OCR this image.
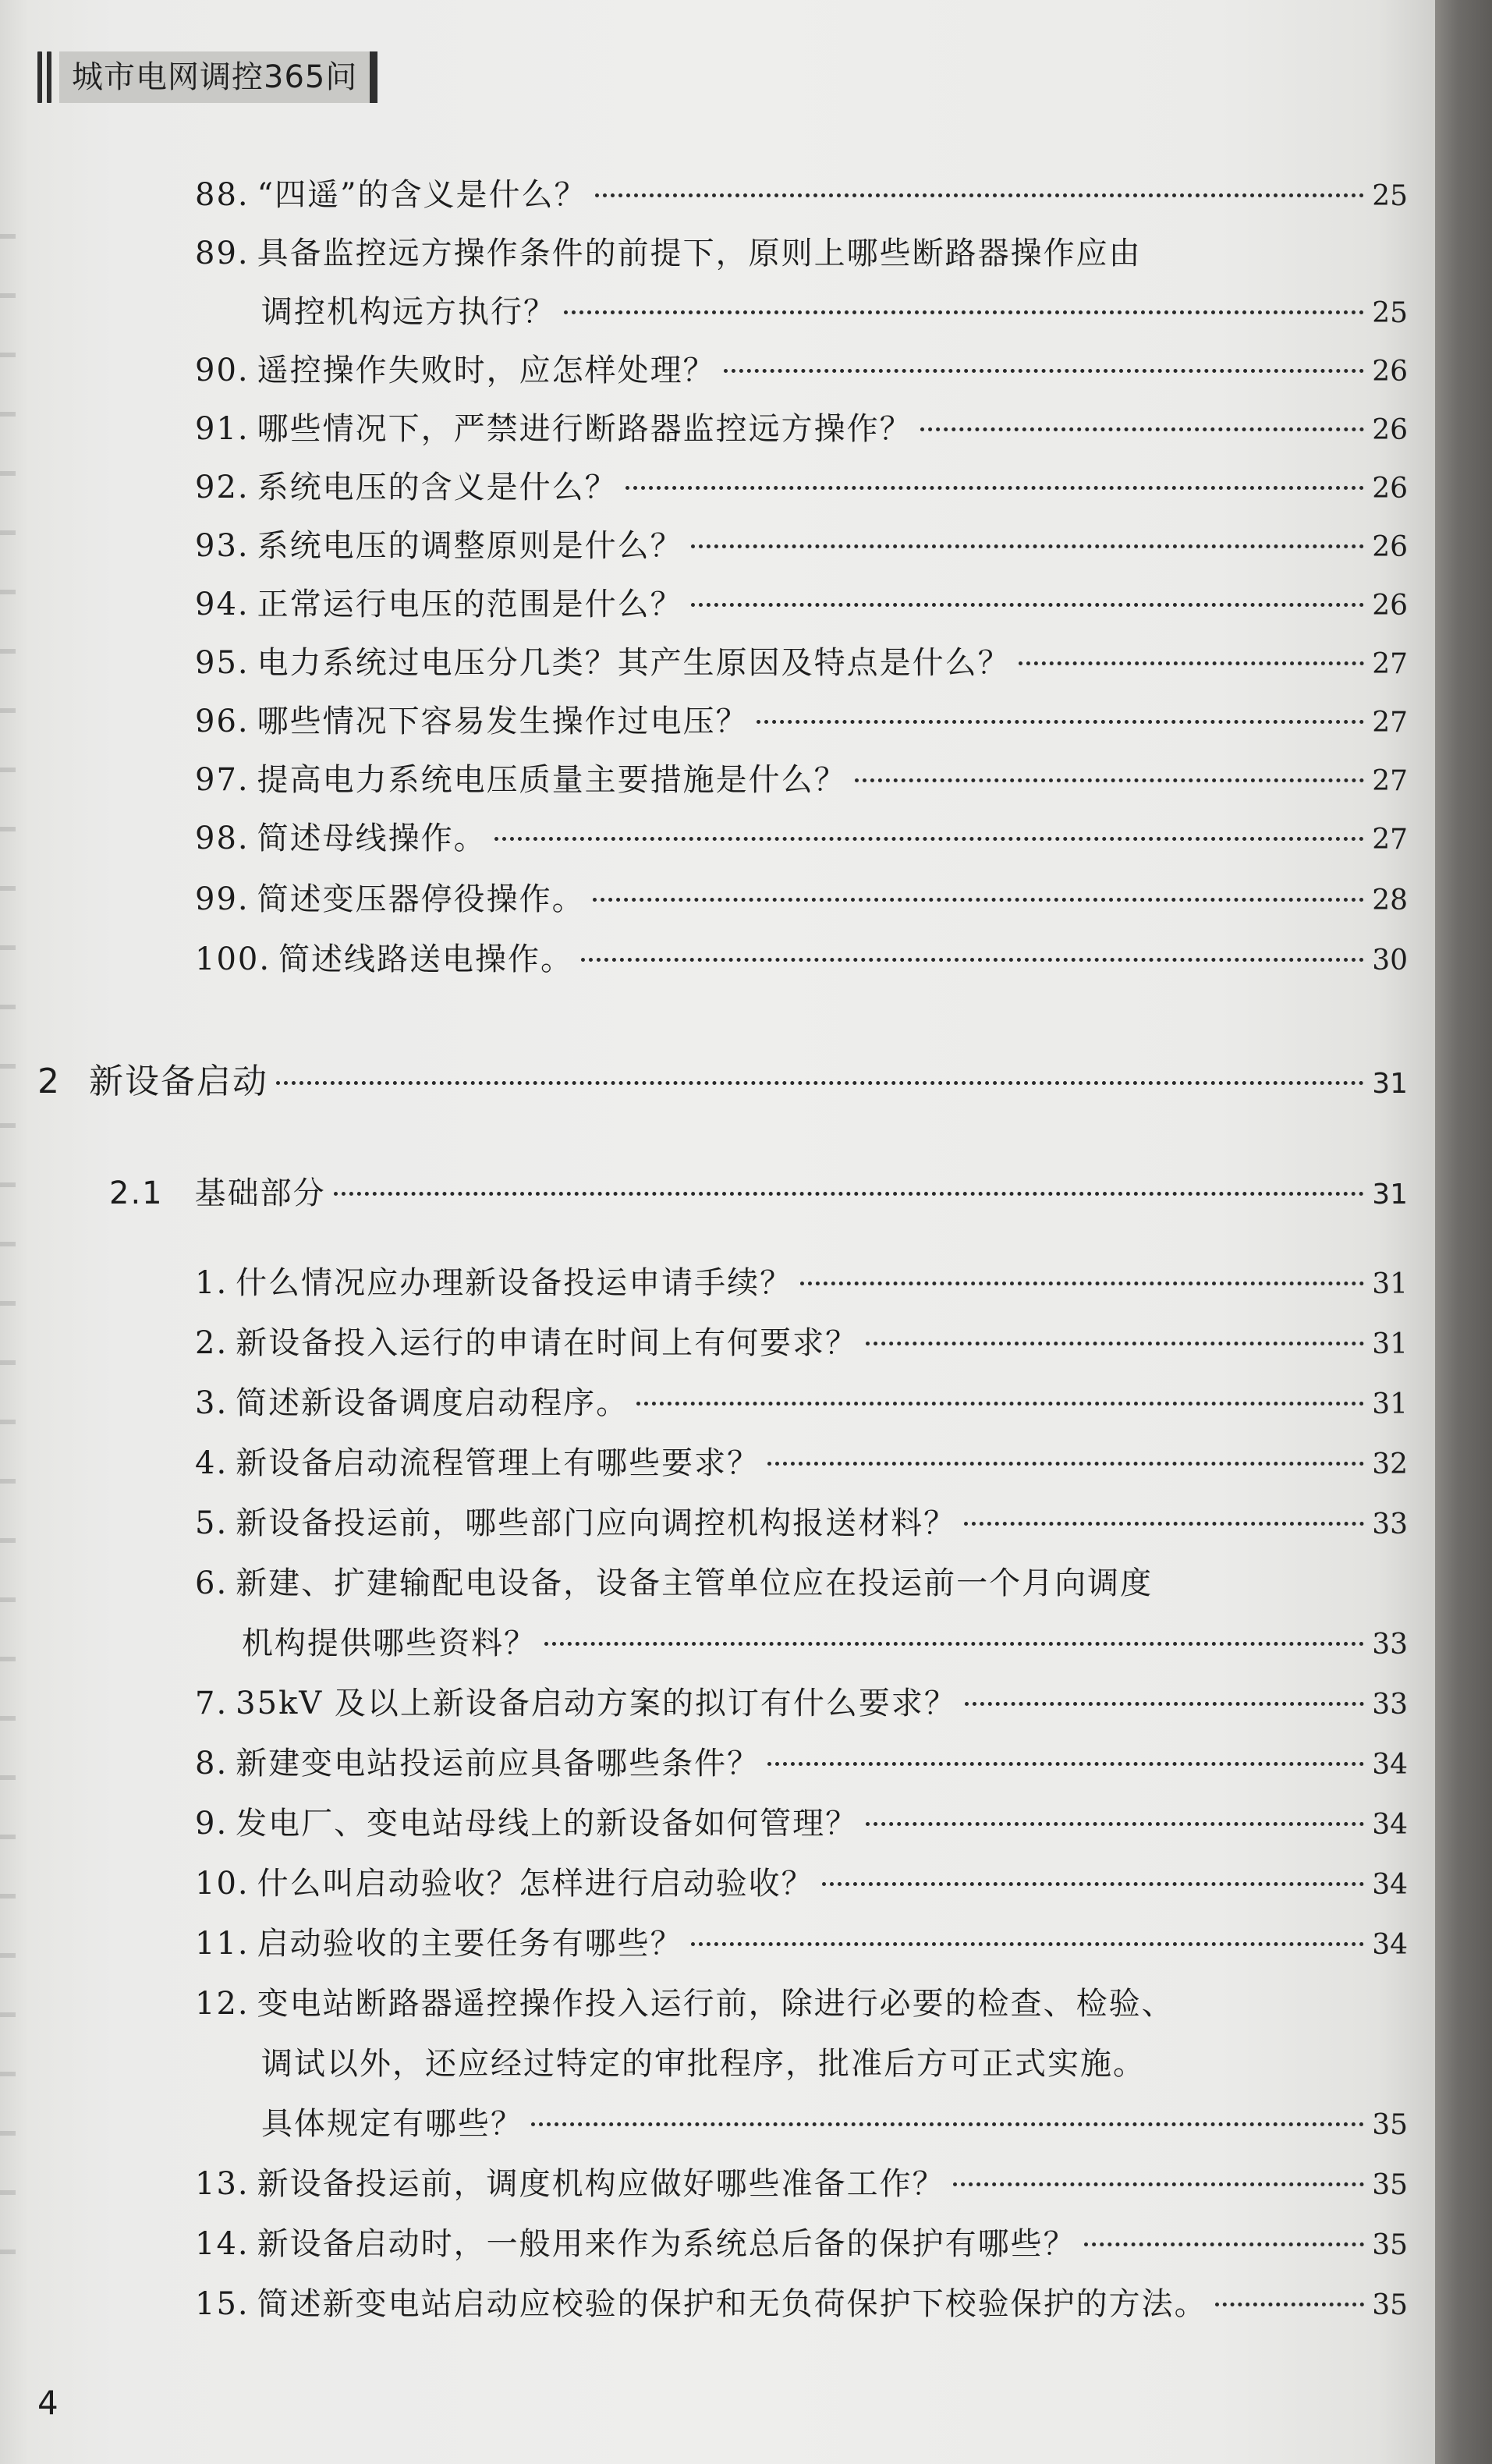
城市电网调控365问
88. “四遥”的含义是什么？	25
89. 具备监控远方操作条件的前提下，原则上哪些断路器操作应由
调控机构远方执行？	25
90. 遥控操作失败时，应怎样处理？	26
91. 哪些情况下，严禁进行断路器监控远方操作？	26
92. 系统电压的含义是什么？	26
93. 系统电压的调整原则是什么？	26
94. 正常运行电压的范围是什么？	26
95. 电力系统过电压分几类？其产生原因及特点是什么？	27
96. 哪些情况下容易发生操作过电压？	27
97. 提高电力系统电压质量主要措施是什么？	27
98. 简述母线操作。	27
99. 简述变压器停役操作。	28
100. 简述线路送电操作。	30
2 新设备启动	31
2.1	基础部分	31
1. 什么情况应办理新设备投运申请手续？	31
2. 新设备投入运行的申请在时间上有何要求？	31
3. 简述新设备调度启动程序。	31
4. 新设备启动流程管理上有哪些要求？	32
5. 新设备投运前，哪些部门应向调控机构报送材料？	33
6. 新建、扩建输配电设备，设备主管单位应在投运前一个月向调度
机构提供哪些资料？	33
7. 35kV 及以上新设备启动方案的拟订有什么要求？	33
8. 新建变电站投运前应具备哪些条件？	34
9. 发电厂、变电站母线上的新设备如何管理？	34
10. 什么叫启动验收？怎样进行启动验收？	34
11. 启动验收的主要任务有哪些？	34
12. 变电站断路器遥控操作投入运行前，除进行必要的检查、检验、
调试以外，还应经过特定的审批程序，批准后方可正式实施。
具体规定有哪些？	35
13. 新设备投运前，调度机构应做好哪些准备工作？	35
14. 新设备启动时，一般用来作为系统总后备的保护有哪些？	35
15. 简述新变电站启动应校验的保护和无负荷保护下校验保护的方法。	35
4
